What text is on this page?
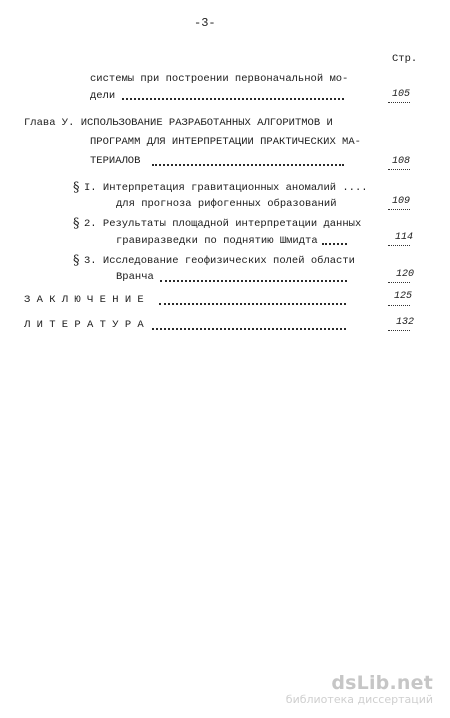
-3-
Стр.
системы при построении первоначальной мо-
дели	105
Глава У. ИСПОЛЬЗОВАНИЕ РАЗРАБОТАННЫХ АЛГОРИТМОВ И
ПРОГРАММ ДЛЯ ИНТЕРПРЕТАЦИИ ПРАКТИЧЕСКИХ МА-
ТЕРИАЛОВ	108
§ I. Интерпретация гравитационных аномалий ....
для прогноза рифогенных образований	109
§ 2. Результаты площадной интерпретации данных
гравиразведки по поднятию Шмидта	114
§ 3. Исследование геофизических полей области
Вранча	120
З А К Л Ю Ч Е Н И Е	125
Л И Т Е Р А Т У Р А	132
dsLib.net
библиотека диссертаций
